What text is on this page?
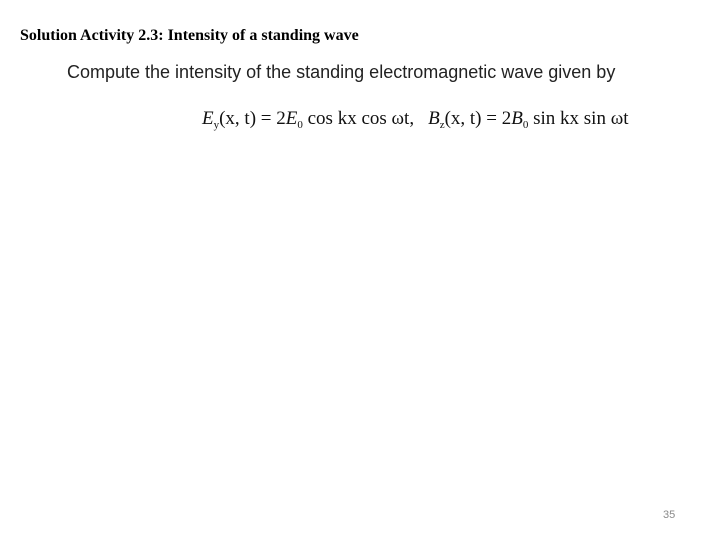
Solution Activity 2.3: Intensity of a standing wave
Compute the intensity of the standing electromagnetic wave given by
$E_y(x$, $t) = 2E_0$ cos kx cos ωt, $B_z(x$, $t) = 2B_0$ sin kx sin ωt
35
